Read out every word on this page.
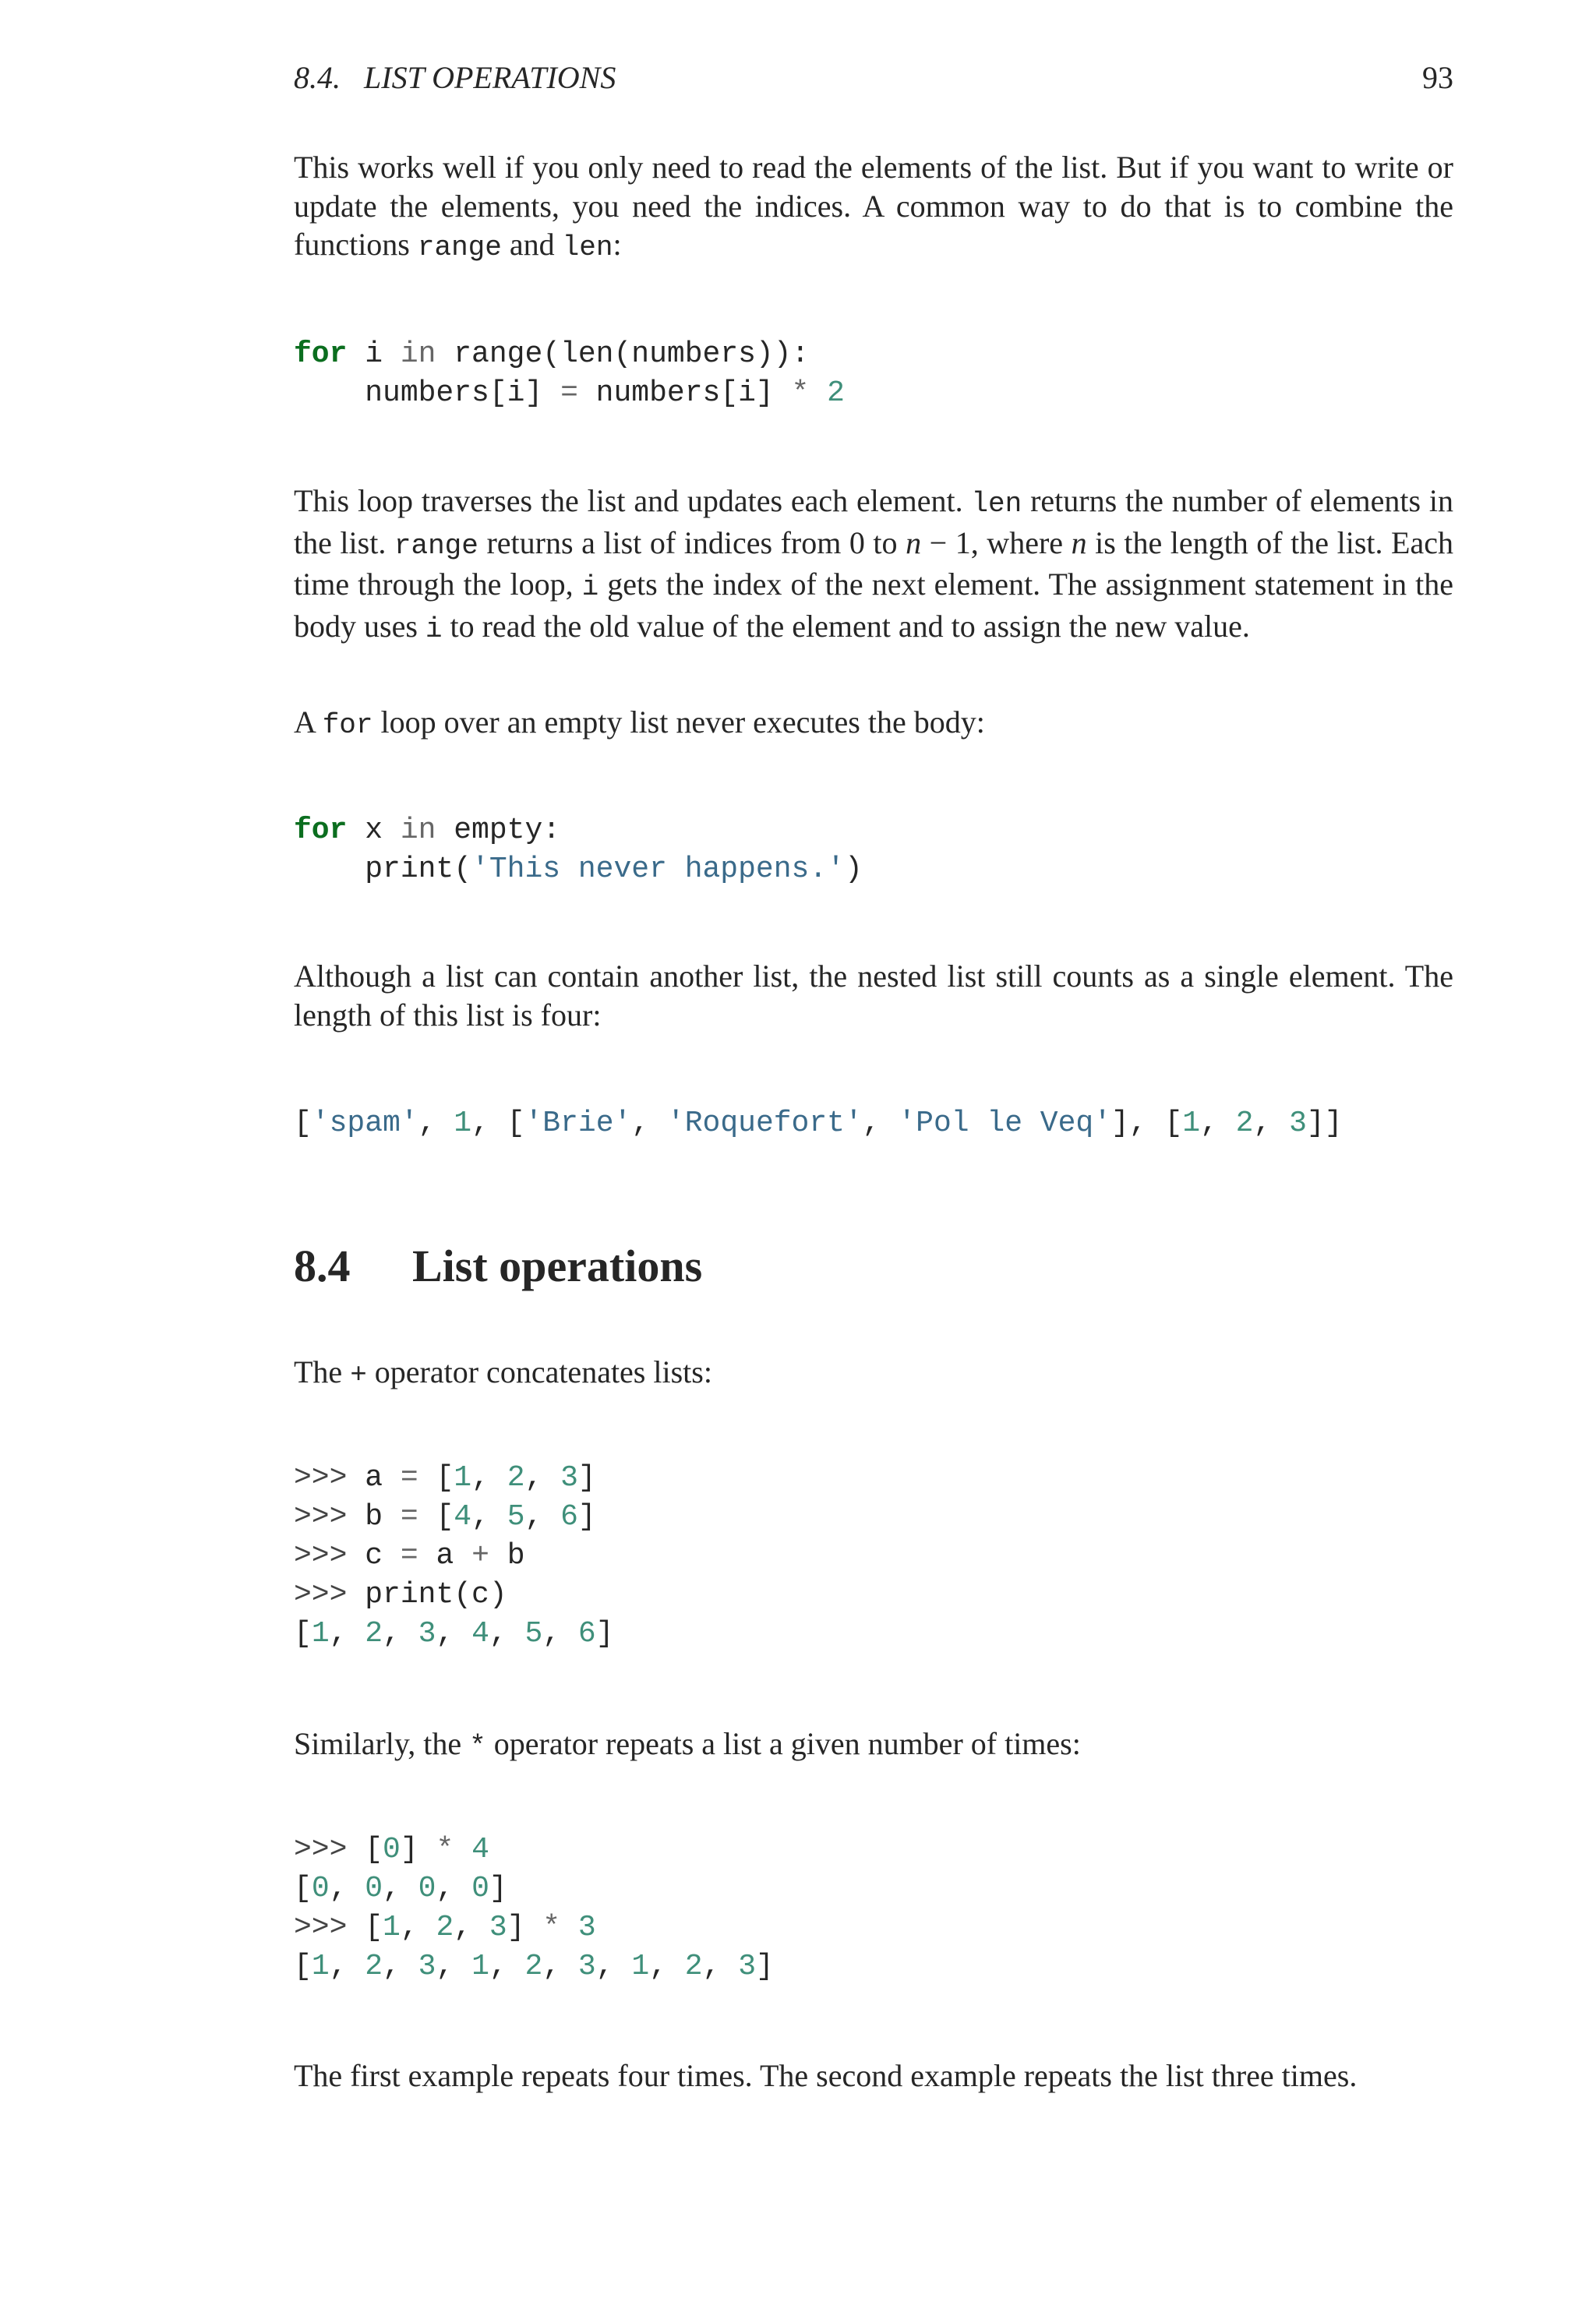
8.4.   LIST OPERATIONS	93

This works well if you only need to read the elements of the list. But if you want to write or update the elements, you need the indices. A common way to do that is to combine the functions range and len:

for i in range(len(numbers)):
numbers[i] = numbers[i] * 2

This loop traverses the list and updates each element. len returns the number of elements in the list. range returns a list of indices from 0 to n − 1, where n is the length of the list. Each time through the loop, i gets the index of the next element. The assignment statement in the body uses i to read the old value of the element and to assign the new value.

A for loop over an empty list never executes the body:

for x in empty:
print('This never happens.')

Although a list can contain another list, the nested list still counts as a single element. The length of this list is four:

['spam', 1, ['Brie', 'Roquefort', 'Pol le Veq'], [1, 2, 3]]
8.4 List operations

The + operator concatenates lists:

>>> a = [1, 2, 3]
>>> b = [4, 5, 6]
>>> c = a + b
>>> print(c)
[1, 2, 3, 4, 5, 6]

Similarly, the * operator repeats a list a given number of times:

>>> [0] * 4
[0, 0, 0, 0]
>>> [1, 2, 3] * 3
[1, 2, 3, 1, 2, 3, 1, 2, 3]

The first example repeats four times. The second example repeats the list three times.
